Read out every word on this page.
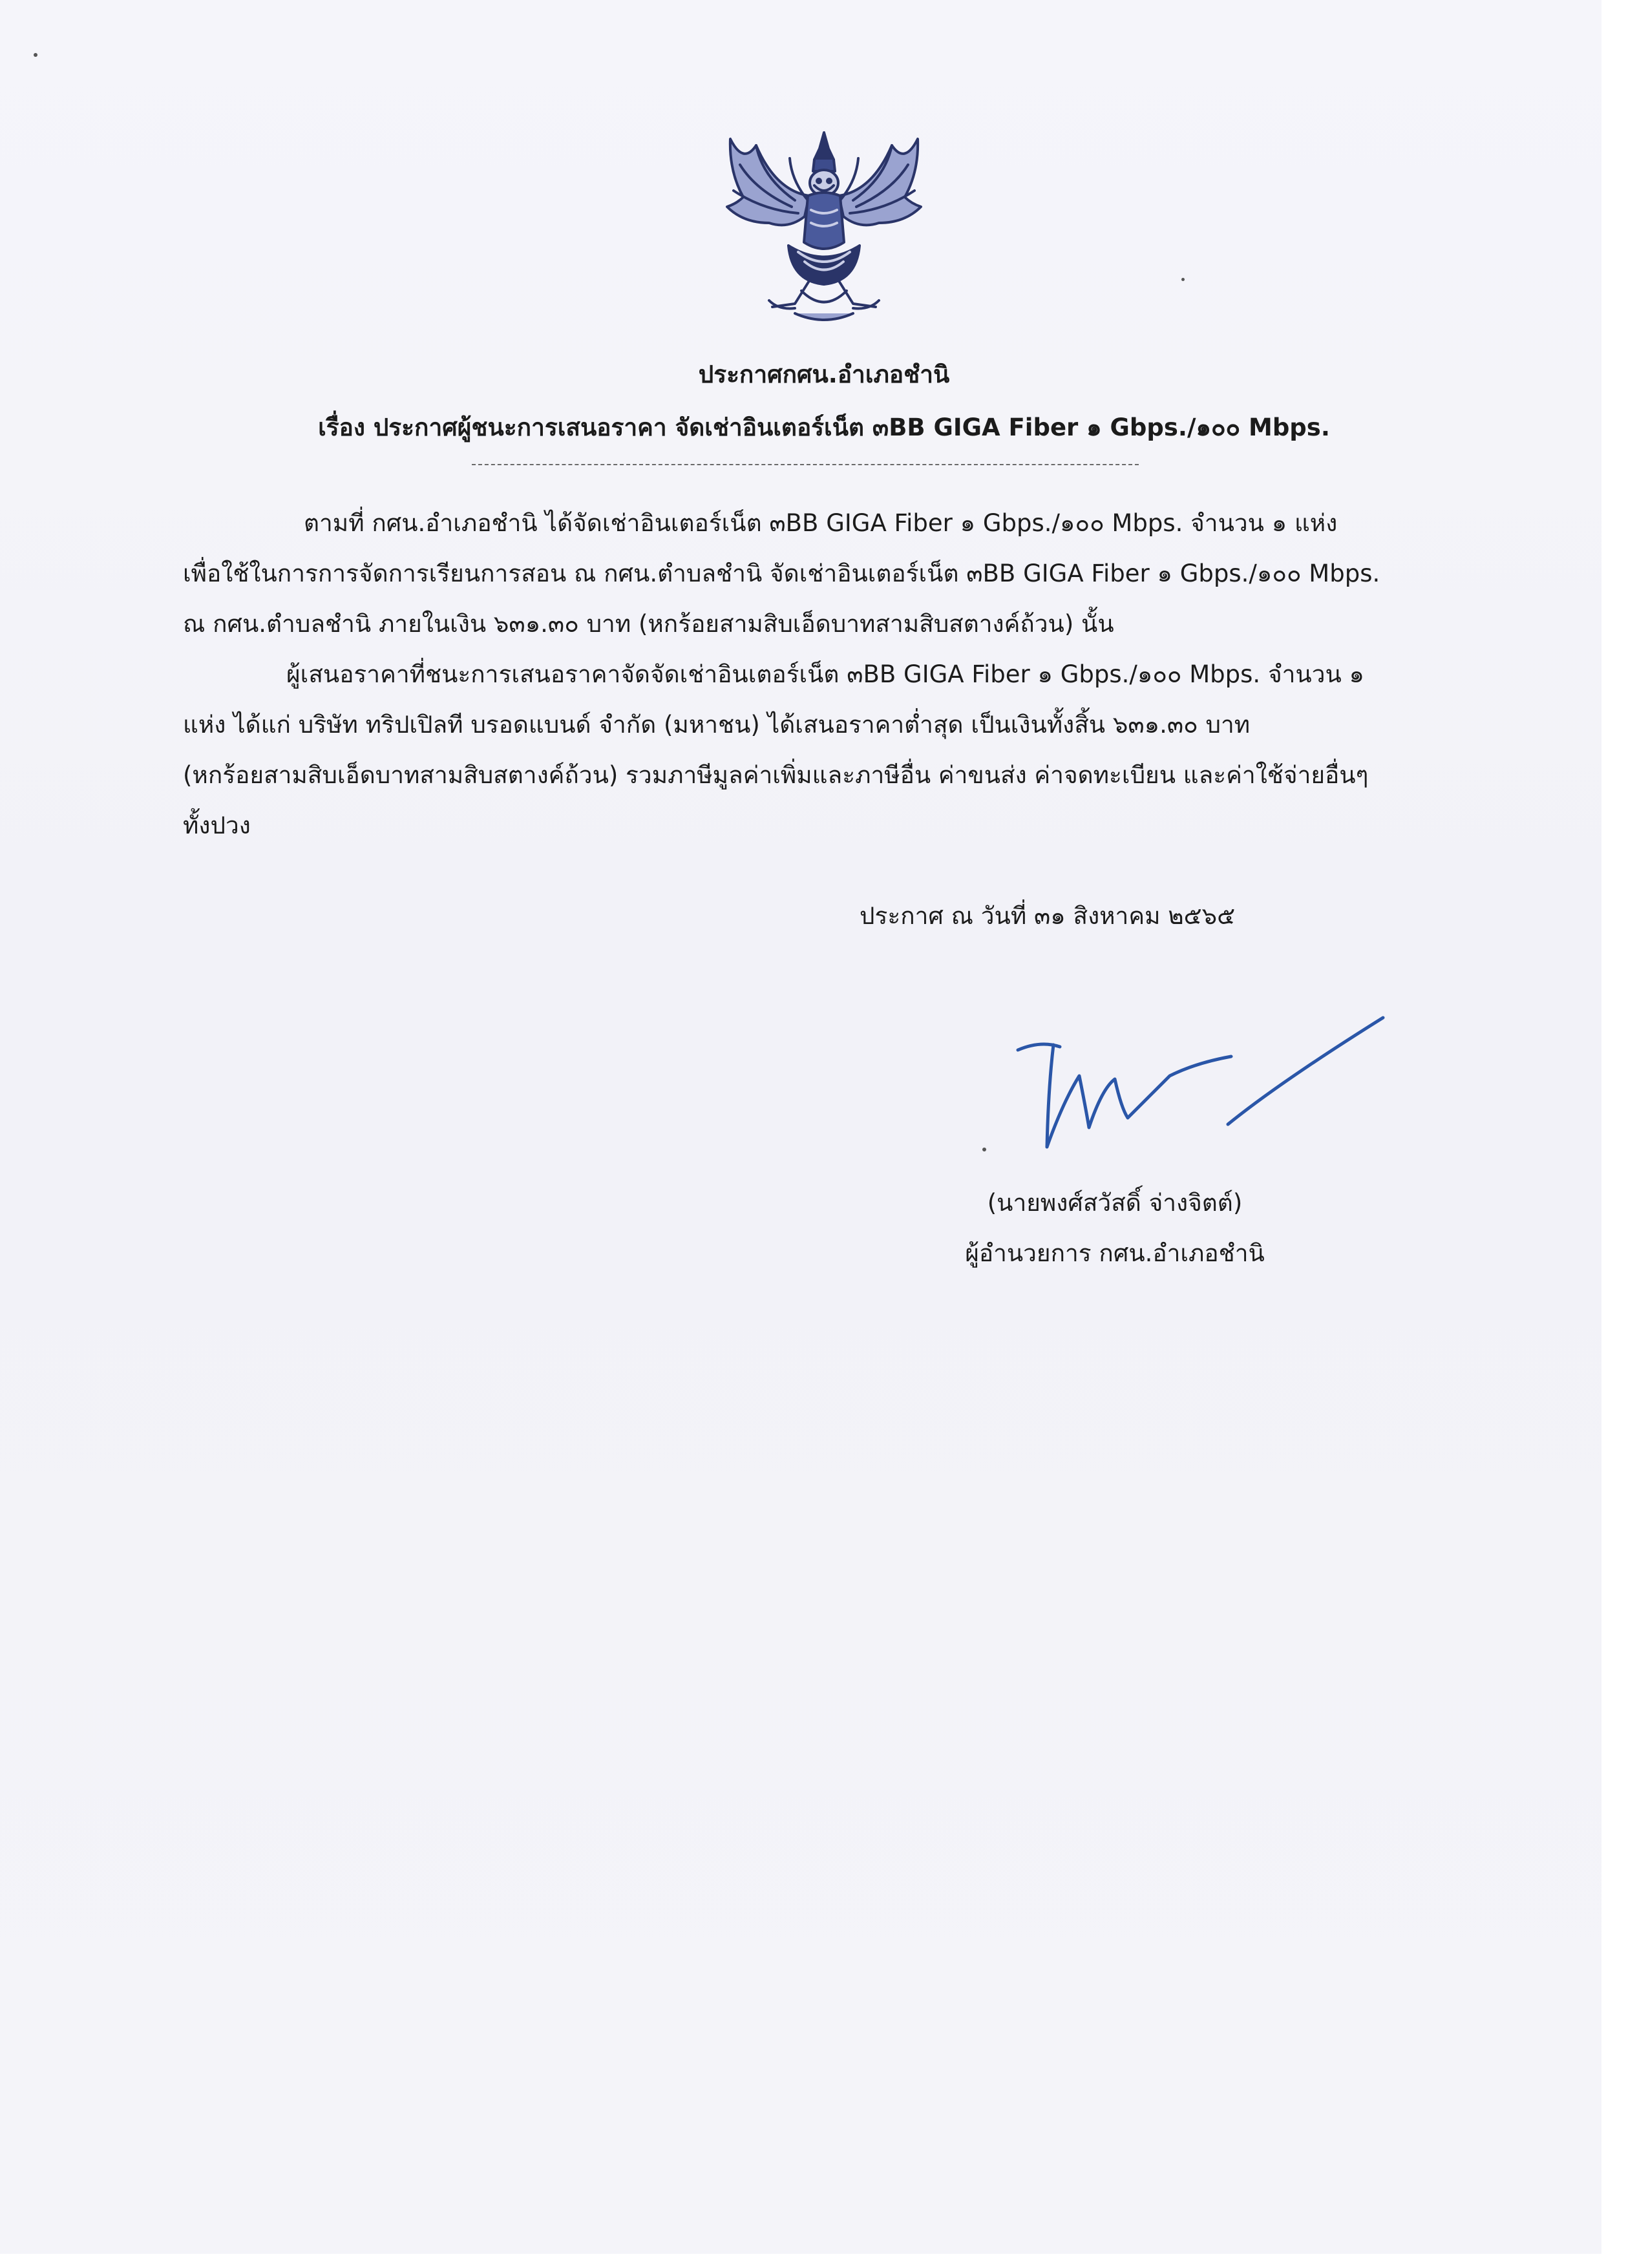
ประกาศกศน.อำเภอชำนิ
เรื่อง ประกาศผู้ชนะการเสนอราคา จัดเช่าอินเตอร์เน็ต ๓BB GIGA Fiber ๑ Gbps./๑๐๐ Mbps.
ตามที่ กศน.อำเภอชำนิ ได้จัดเช่าอินเตอร์เน็ต ๓BB GIGA Fiber ๑ Gbps./๑๐๐ Mbps. จำนวน ๑ แห่ง
เพื่อใช้ในการการจัดการเรียนการสอน ณ กศน.ตำบลชำนิ จัดเช่าอินเตอร์เน็ต ๓BB GIGA Fiber ๑ Gbps./๑๐๐ Mbps.
ณ กศน.ตำบลชำนิ ภายในเงิน ๖๓๑.๓๐ บาท (หกร้อยสามสิบเอ็ดบาทสามสิบสตางค์ถ้วน) นั้น
ผู้เสนอราคาที่ชนะการเสนอราคาจัดจัดเช่าอินเตอร์เน็ต ๓BB GIGA Fiber ๑ Gbps./๑๐๐ Mbps. จำนวน ๑
แห่ง ได้แก่ บริษัท ทริปเปิลที บรอดแบนด์ จำกัด (มหาชน) ได้เสนอราคาต่ำสุด เป็นเงินทั้งสิ้น ๖๓๑.๓๐ บาท
(หกร้อยสามสิบเอ็ดบาทสามสิบสตางค์ถ้วน) รวมภาษีมูลค่าเพิ่มและภาษีอื่น ค่าขนส่ง ค่าจดทะเบียน และค่าใช้จ่ายอื่นๆ
ทั้งปวง
ประกาศ ณ วันที่ ๓๑ สิงหาคม ๒๕๖๕
(นายพงศ์สวัสดิ์ จ่างจิตต์)
ผู้อำนวยการ กศน.อำเภอชำนิ
